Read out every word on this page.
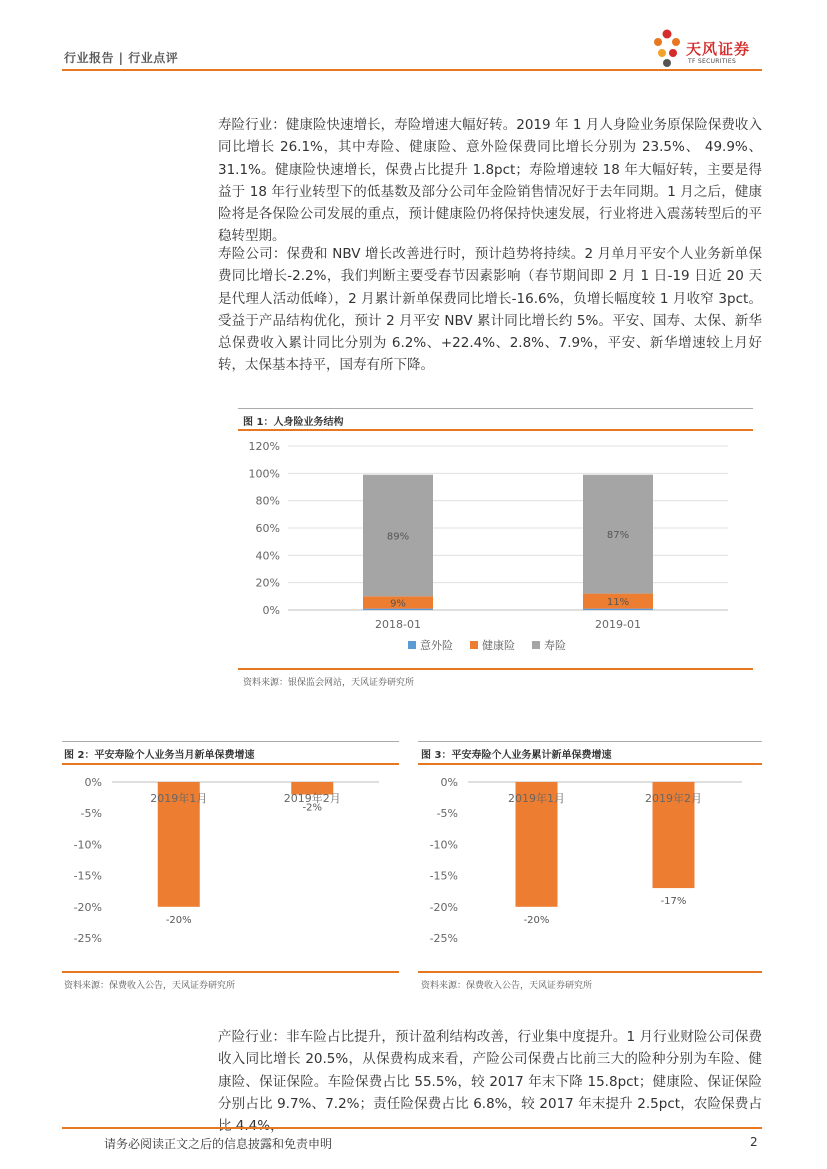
行业报告 | 行业点评	天风证券
TF SECURITIES
寿险行业：健康险快速增长，寿险增速大幅好转。2019 年 1 月人身险业务原保险保费收入同比增长 26.1%，其中寿险、健康险、意外险保费同比增长分别为 23.5%、 49.9%、 31.1%。健康险快速增长，保费占比提升 1.8pct；寿险增速较 18 年大幅好转，主要是得益于 18 年行业转型下的低基数及部分公司年金险销售情况好于去年同期。1 月之后，健康险将是各保险公司发展的重点，预计健康险仍将保持快速发展，行业将进入震荡转型后的平稳转型期。
寿险公司：保费和 NBV 增长改善进行时，预计趋势将持续。2 月单月平安个人业务新单保费同比增长-2.2%，我们判断主要受春节因素影响（春节期间即 2 月 1 日-19 日近 20 天是代理人活动低峰），2 月累计新单保费同比增长-16.6%，负增长幅度较 1 月收窄 3pct。受益于产品结构优化，预计 2 月平安 NBV 累计同比增长约 5%。平安、国寿、太保、新华总保费收入累计同比分别为 6.2%、+22.4%、2.8%、7.9%，平安、新华增速较上月好转，太保基本持平，国寿有所下降。
产险行业：非车险占比提升，预计盈利结构改善，行业集中度提升。1 月行业财险公司保费收入同比增长 20.5%，从保费构成来看，产险公司保费占比前三大的险种分别为车险、健康险、保证保险。车险保费占比 55.5%，较 2017 年末下降 15.8pct；健康险、保证保险分别占比 9.7%、7.2%；责任险保费占比 6.8%，较 2017 年末提升 2.5pct，农险保费占
图 1：人身险业务结构
0%
20%
40%
60%
80%
100%
120%
9%
89%
2018-01
11%
87%
2019-01
意外险	健康险	寿险
资料来源：银保监会网站，天风证券研究所
图 2：平安寿险个人业务当月新单保费增速
0%
-5%
-10%
-15%
-20%
-25%
2019年1月
-20%
2019年2月
-2%
资料来源：保费收入公告，天风证券研究所
图 3：平安寿险个人业务累计新单保费增速
0%
-5%
-10%
-15%
-20%
-25%
2019年1月
-20%
2019年2月
-17%
资料来源：保费收入公告，天风证券研究所
请务必阅读正文之后的信息披露和免责申明	2
